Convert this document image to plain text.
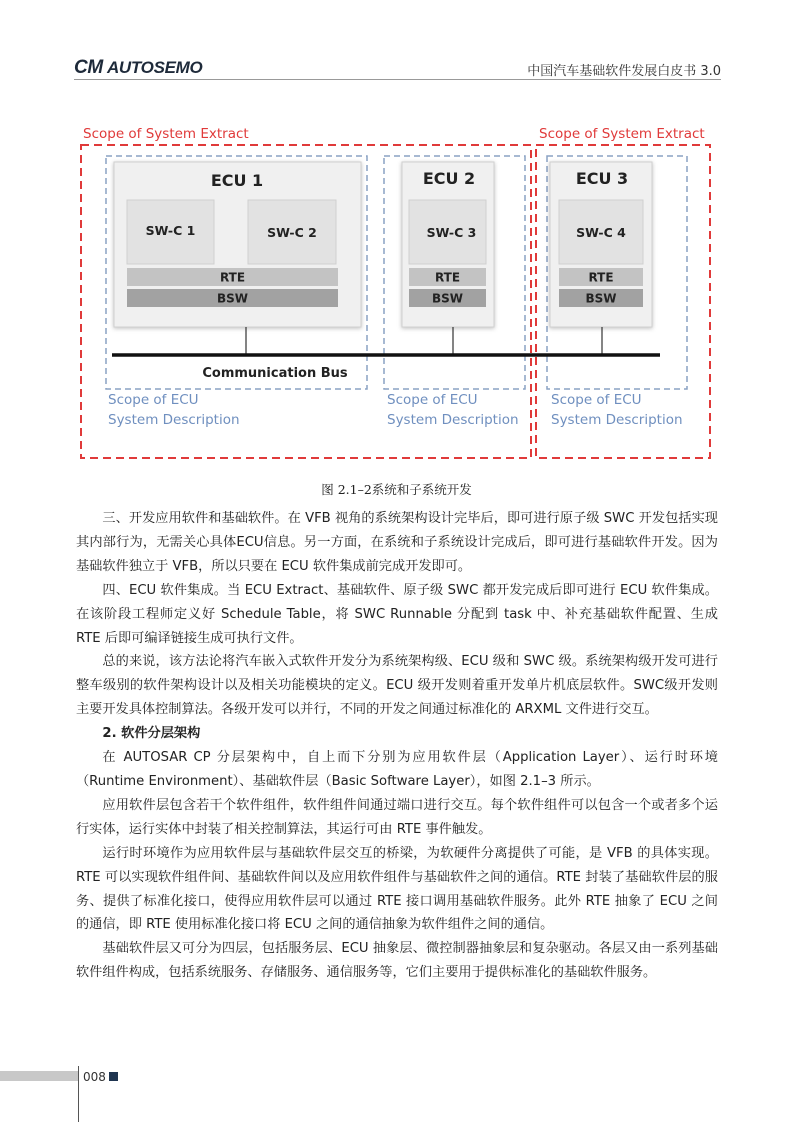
CM AUTOSEMO	中国汽车基础软件发展白皮书 3.0
Scope of System Extract	Scope of System Extract
ECU 1
SW-C 1	SW-C 2
RTE
BSW
ECU 2
SW-C 3
RTE
BSW
ECU 3
SW-C 4
RTE
BSW
Communication Bus
Scope of ECU
System Description
Scope of ECU
System Description
Scope of ECU
System Description
图 2.1–2系统和子系统开发

三、开发应用软件和基础软件。在 VFB 视角的系统架构设计完毕后，即可进行原子级 SWC 开发包括实现其内部行为，无需关心具体ECU信息。另一方面，在系统和子系统设计完成后，即可进行基础软件开发。因为基础软件独立于 VFB，所以只要在 ECU 软件集成前完成开发即可。

四、ECU 软件集成。当 ECU Extract、基础软件、原子级 SWC 都开发完成后即可进行 ECU 软件集成。在该阶段工程师定义好 Schedule Table，将 SWC Runnable 分配到 task 中、补充基础软件配置、生成 RTE 后即可编译链接生成可执行文件。

总的来说，该方法论将汽车嵌入式软件开发分为系统架构级、ECU 级和 SWC 级。系统架构级开发可进行整车级别的软件架构设计以及相关功能模块的定义。ECU 级开发则着重开发单片机底层软件。SWC级开发则主要开发具体控制算法。各级开发可以并行，不同的开发之间通过标准化的 ARXML 文件进行交互。

2. 软件分层架构

在 AUTOSAR CP 分层架构中，自上而下分别为应用软件层（Application Layer）、运行时环境（Runtime Environment）、基础软件层（Basic Software Layer），如图 2.1–3 所示。

应用软件层包含若干个软件组件，软件组件间通过端口进行交互。每个软件组件可以包含一个或者多个运行实体，运行实体中封装了相关控制算法，其运行可由 RTE 事件触发。

运行时环境作为应用软件层与基础软件层交互的桥梁，为软硬件分离提供了可能，是 VFB 的具体实现。RTE 可以实现软件组件间、基础软件间以及应用软件组件与基础软件之间的通信。RTE 封装了基础软件层的服务、提供了标准化接口，使得应用软件层可以通过 RTE 接口调用基础软件服务。此外 RTE 抽象了 ECU 之间的通信，即 RTE 使用标准化接口将 ECU 之间的通信抽象为软件组件之间的通信。

基础软件层又可分为四层，包括服务层、ECU 抽象层、微控制器抽象层和复杂驱动。各层又由一系列基础软件组件构成，包括系统服务、存储服务、通信服务等，它们主要用于提供标准化的基础软件服务。

008
